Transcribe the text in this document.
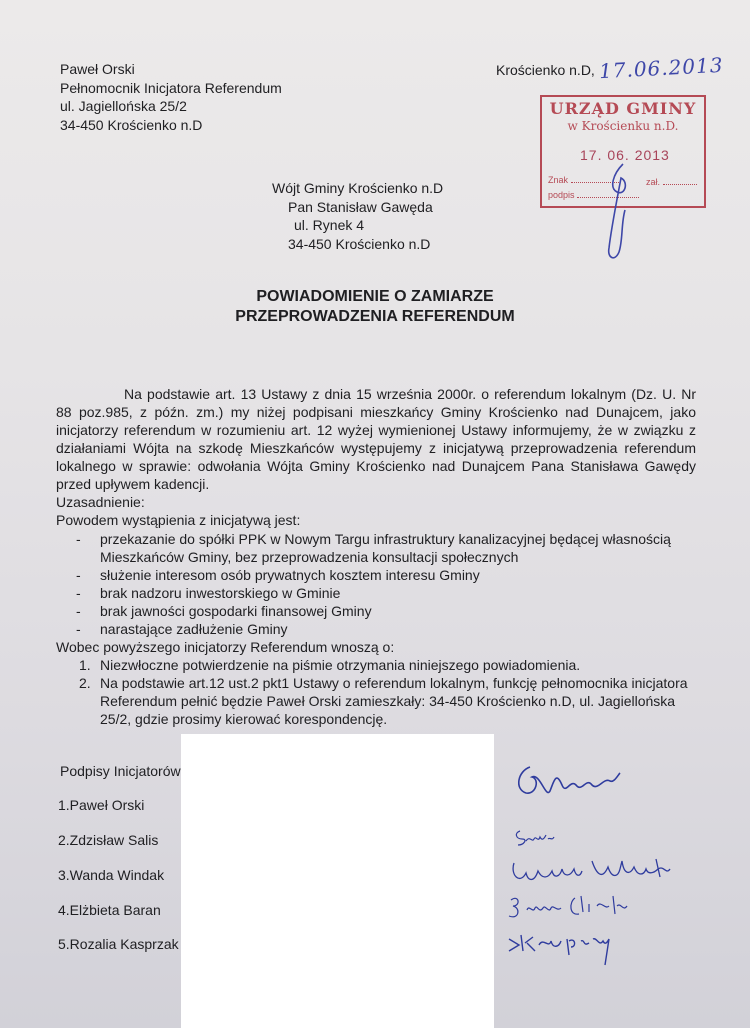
Paweł Orski
Pełnomocnik Inicjatora Referendum
ul. Jagiellońska 25/2
34-450 Krościenko n.D
Krościenko n.D, 17.06.2013
URZĄD GMINY
w Krościenku n.D.
17. 06. 2013
Znak	zał.
podpis
Wójt Gminy Krościenko n.D
Pan Stanisław Gawęda
ul. Rynek 4
34-450 Krościenko n.D
POWIADOMIENIE O ZAMIARZE
PRZEPROWADZENIA REFERENDUM

Na podstawie art. 13 Ustawy z dnia 15 września 2000r. o referendum lokalnym (Dz. U. Nr 88 poz.985, z późn. zm.) my niżej podpisani mieszkańcy Gminy Krościenko nad Dunajcem, jako inicjatorzy referendum w rozumieniu art. 12 wyżej wymienionej Ustawy informujemy, że w związku z działaniami Wójta na szkodę Mieszkańców występujemy z inicjatywą przeprowadzenia referendum lokalnego w sprawie: odwołania Wójta Gminy Krościenko nad Dunajcem Pana Stanisława Gawędy przed upływem kadencji.

Uzasadnienie:
Powodem wystąpienia z inicjatywą jest:

- przekazanie do spółki PPK w Nowym Targu infrastruktury kanalizacyjnej będącej własnością Mieszkańców Gminy, bez przeprowadzenia konsultacji społecznych

- służenie interesom osób prywatnych kosztem interesu Gminy

- brak nadzoru inwestorskiego w Gminie

- brak jawności gospodarki finansowej Gminy

- narastające zadłużenie Gminy

Wobec powyższego inicjatorzy Referendum wnoszą o:
1. Niezwłoczne potwierdzenie na piśmie otrzymania niniejszego powiadomienia.
2. Na podstawie art.12 ust.2 pkt1 Ustawy o referendum lokalnym, funkcję pełnomocnika inicjatora Referendum pełnić będzie Paweł Orski zamieszkały: 34-450 Krościenko n.D, ul. Jagiellońska 25/2, gdzie prosimy kierować korespondencję.
Podpisy Inicjatorów
1.Paweł Orski
2.Zdzisław Salis
3.Wanda Windak
4.Elżbieta Baran
5.Rozalia Kasprzak
